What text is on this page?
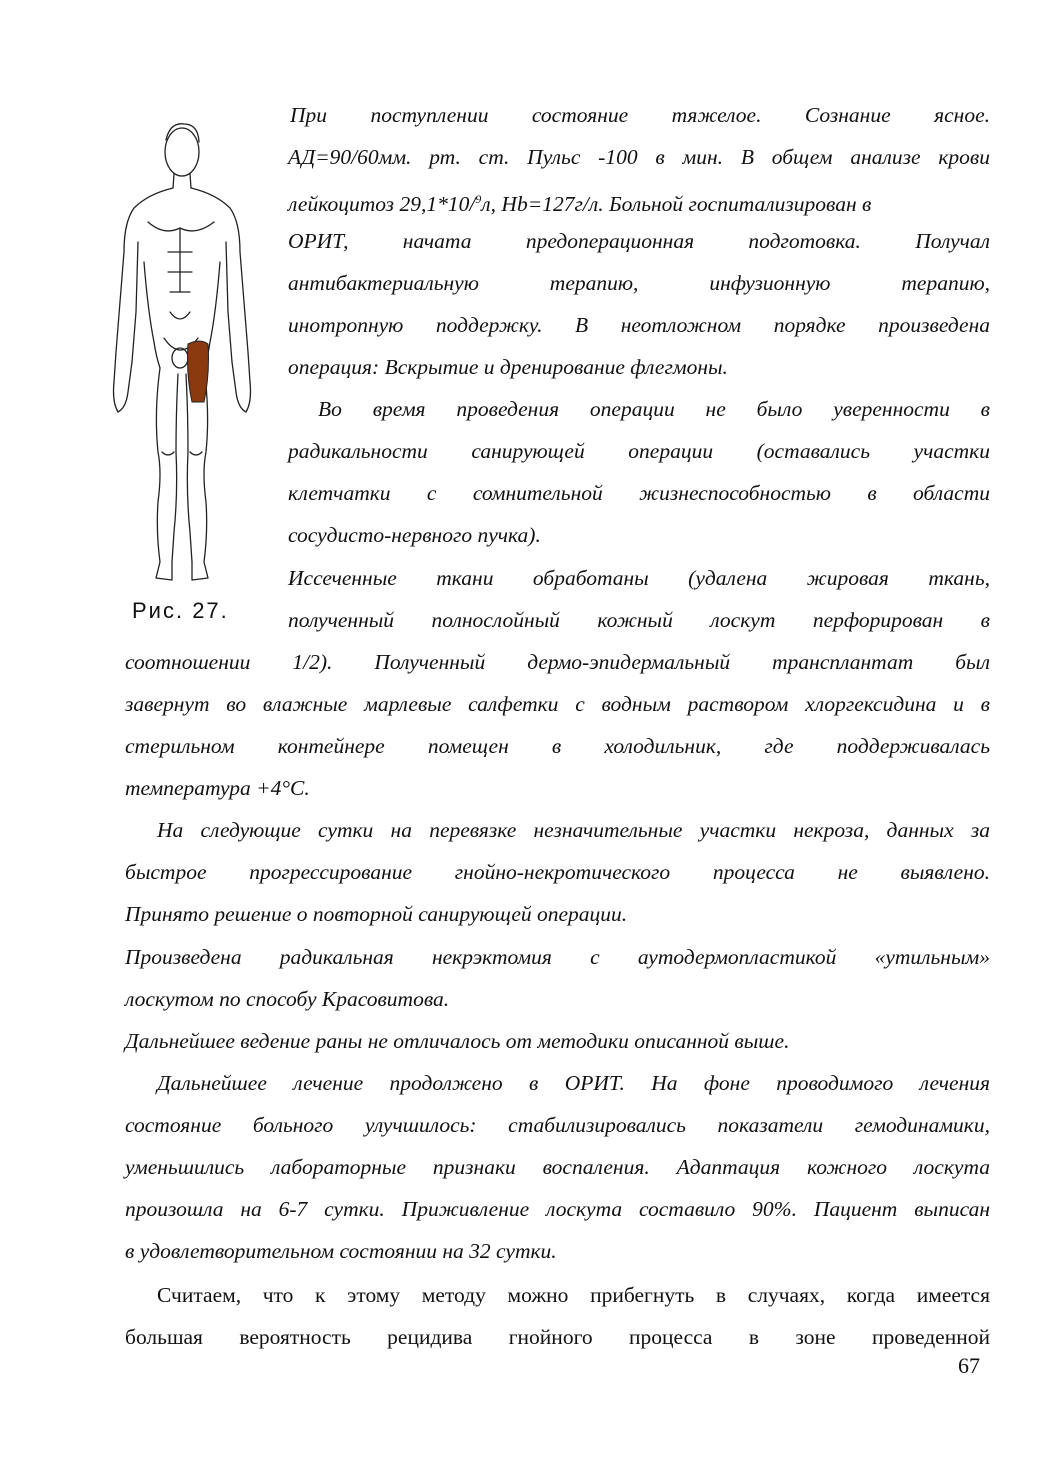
Рис. 27.
При поступлении состояние тяжелое. Сознание ясное.
АД=90/60мм. рт. ст. Пульс -100 в мин. В общем анализе крови
лейкоцитоз 29,1*10/$^9$л, Hb=127г/л. Больной госпитализирован в
ОРИТ, начата предоперационная подготовка. Получал
антибактериальную терапию, инфузионную терапию,
инотропную поддержку. В неотложном порядке произведена
операция: Вскрытие и дренирование флегмоны.
Во время проведения операции не было уверенности в
радикальности санирующей операции (оставались участки
клетчатки с сомнительной жизнеспособностью в области
сосудисто-нервного пучка).
Иссеченные ткани обработаны (удалена жировая ткань,
полученный полнослойный кожный лоскут перфорирован в
соотношении 1/2). Полученный дермо-эпидермальный трансплантат был
завернут во влажные марлевые салфетки с водным раствором хлоргексидина и в
стерильном контейнере помещен в холодильник, где поддерживалась
температура +4°С.
На следующие сутки на перевязке незначительные участки некроза, данных за
быстрое прогрессирование гнойно-некротического процесса не выявлено.
Принято решение о повторной санирующей операции.
Произведена радикальная некрэктомия с аутодермопластикой «утильным»
лоскутом по способу Красовитова.
Дальнейшее ведение раны не отличалось от методики описанной выше.
Дальнейшее лечение продолжено в ОРИТ. На фоне проводимого лечения
состояние больного улучшилось: стабилизировались показатели гемодинамики,
уменьшились лабораторные признаки воспаления. Адаптация кожного лоскута
произошла на 6-7 сутки. Приживление лоскута составило 90%. Пациент выписан
в удовлетворительном состоянии на 32 сутки.
Считаем, что к этому методу можно прибегнуть в случаях, когда имеется
большая вероятность рецидива гнойного процесса в зоне проведенной
67
